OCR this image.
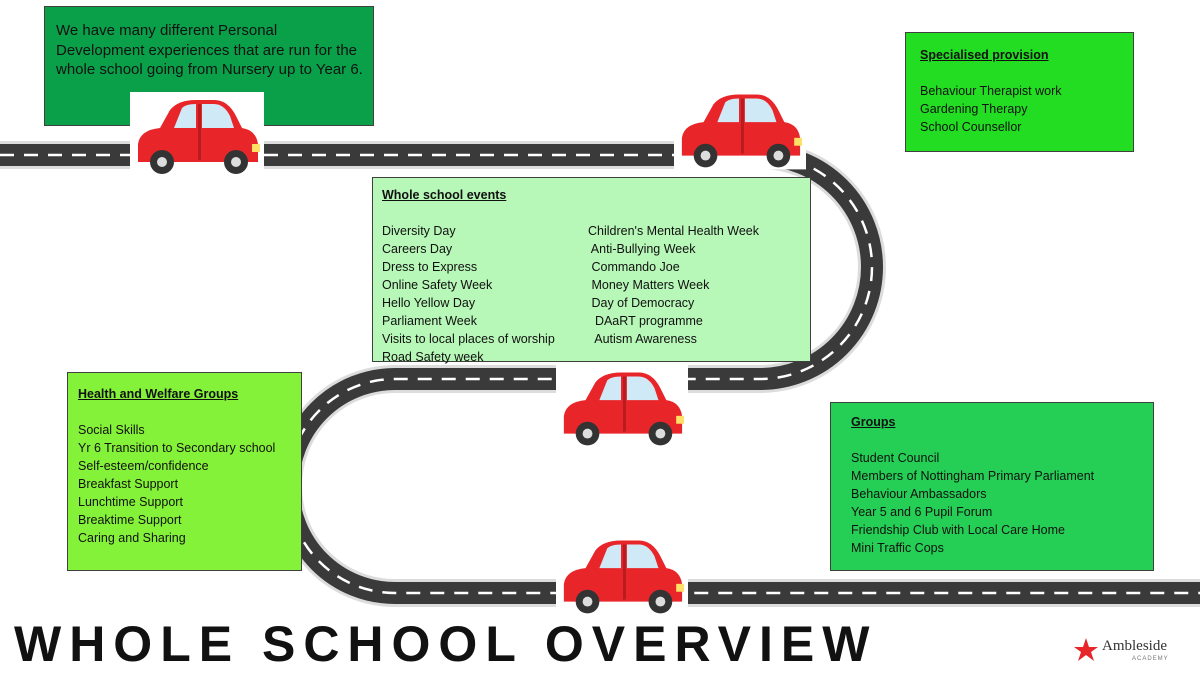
We have many different Personal Development experiences that are run for the whole school going from Nursery up to Year 6.
Specialised provision
Behaviour Therapist work
Gardening Therapy
School Counsellor
Whole school events
Diversity Day
Careers Day
Dress to Express
Online Safety Week
Hello Yellow Day
Parliament Week
Visits to local places of worship
Road Safety week
Children's Mental Health Week
Anti-Bullying Week
Commando Joe
Money Matters Week
Day of Democracy
DAaRT programme
Autism Awareness
Health and Welfare Groups
Social Skills
Yr 6 Transition to Secondary school
Self-esteem/confidence
Breakfast Support
Lunchtime Support
Breaktime Support
Caring and Sharing
Groups
Student Council
Members of Nottingham Primary Parliament
Behaviour Ambassadors
Year 5 and 6 Pupil Forum
Friendship Club with Local Care Home
Mini Traffic Cops
WHOLE SCHOOL OVERVIEW	Ambleside
ACADEMY
